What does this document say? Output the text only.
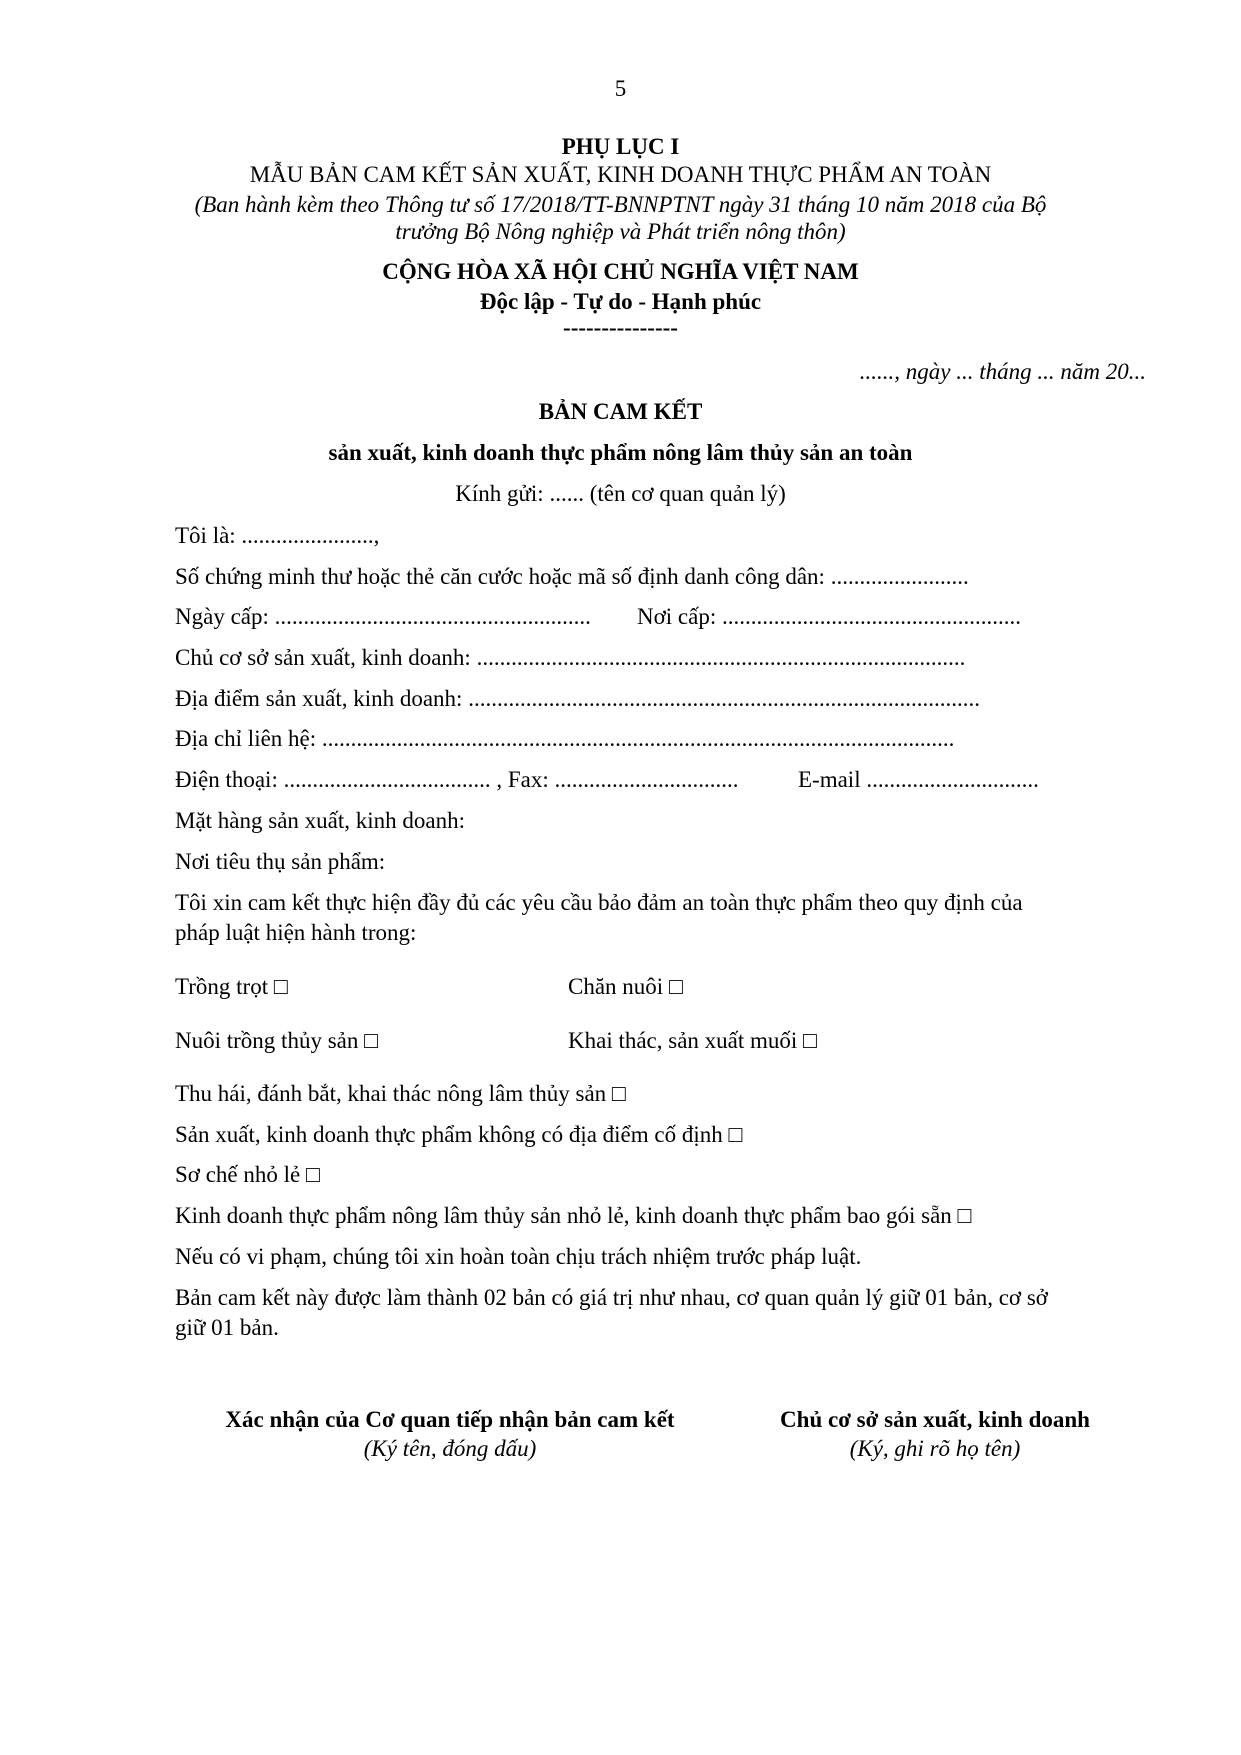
5
PHỤ LỤC I
MẪU BẢN CAM KẾT SẢN XUẤT, KINH DOANH THỰC PHẨM AN TOÀN
(Ban hành kèm theo Thông tư số 17/2018/TT-BNNPTNT ngày 31 tháng 10 năm 2018 của Bộ
trưởng Bộ Nông nghiệp và Phát triển nông thôn)
CỘNG HÒA XÃ HỘI CHỦ NGHĨA VIỆT NAM
Độc lập - Tự do - Hạnh phúc
---------------
......, ngày ... tháng ... năm 20...
BẢN CAM KẾT
sản xuất, kinh doanh thực phẩm nông lâm thủy sản an toàn
Kính gửi: ...... (tên cơ quan quản lý)
Tôi là: .......................,
Số chứng minh thư hoặc thẻ căn cước hoặc mã số định danh công dân: ........................
Ngày cấp: ....................................................... Nơi cấp: ....................................................
Chủ cơ sở sản xuất, kinh doanh: .....................................................................................
Địa điểm sản xuất, kinh doanh: .........................................................................................
Địa chỉ liên hệ: ..............................................................................................................
Điện thoại: .................................... , Fax: ................................	E-mail ..............................
Mặt hàng sản xuất, kinh doanh:
Nơi tiêu thụ sản phẩm:
Tôi xin cam kết thực hiện đầy đủ các yêu cầu bảo đảm an toàn thực phẩm theo quy định của
pháp luật hiện hành trong:
Trồng trọt □	Chăn nuôi □
Nuôi trồng thủy sản □	Khai thác, sản xuất muối □
Thu hái, đánh bắt, khai thác nông lâm thủy sản □
Sản xuất, kinh doanh thực phẩm không có địa điểm cố định □
Sơ chế nhỏ lẻ □
Kinh doanh thực phẩm nông lâm thủy sản nhỏ lẻ, kinh doanh thực phẩm bao gói sẵn □
Nếu có vi phạm, chúng tôi xin hoàn toàn chịu trách nhiệm trước pháp luật.
Bản cam kết này được làm thành 02 bản có giá trị như nhau, cơ quan quản lý giữ 01 bản, cơ sở
giữ 01 bản.
Xác nhận của Cơ quan tiếp nhận bản cam kết
(Ký tên, đóng dấu)
Chủ cơ sở sản xuất, kinh doanh
(Ký, ghi rõ họ tên)
